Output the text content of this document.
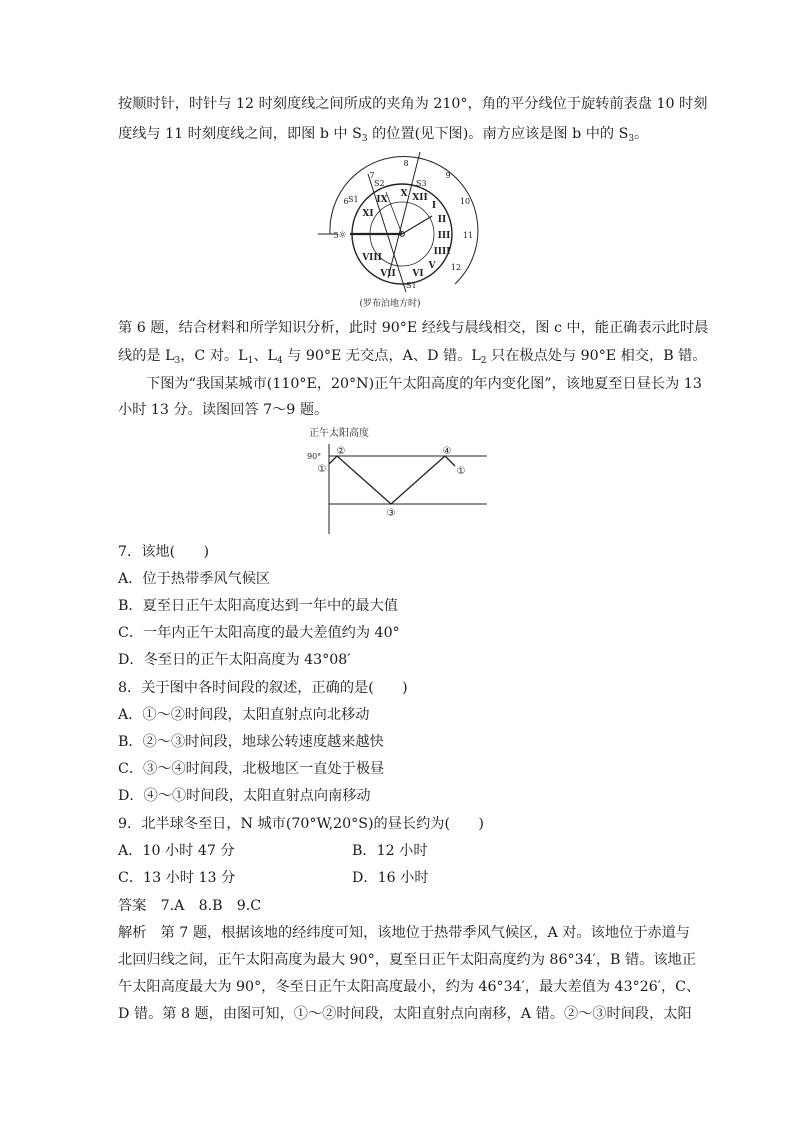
按顺时针，时针与 12 时刻度线之间所成的夹角为 210°，角的平分线位于旋转前表盘 10 时刻
度线与 11 时刻度线之间，即图 b 中 $S_3$ 的位置(见下图)。南方应该是图 b 中的 $S_3$。
XII
I
II
III
IIII
V
VI
VII
VIII
IX
X
XI
12
11
10
9
8
7
6
5
S1
S2	S3
S1
☼
(罗布泊地方时)
第 6 题，结合材料和所学知识分析，此时 90°E 经线与晨线相交，图 c 中，能正确表示此时晨
线的是 $L_3$，C 对。$L_1$、$L_4$ 与 90°E 无交点，A、D 错。$L_2$ 只在极点处与 90°E 相交，B 错。
下图为“我国某城市(110°E，20°N)正午太阳高度的年内变化图”，该地夏至日昼长为 13
小时 13 分。读图回答 7～9 题。
正午太阳高度
90°
①
②
③
④
①
7．该地(　　)
A．位于热带季风气候区
B．夏至日正午太阳高度达到一年中的最大值
C．一年内正午太阳高度的最大差值约为 40°
D．冬至日的正午太阳高度为 43°08′
8．关于图中各时间段的叙述，正确的是(　　)
A．①～②时间段，太阳直射点向北移动
B．②～③时间段，地球公转速度越来越快
C．③～④时间段，北极地区一直处于极昼
D．④～①时间段，太阳直射点向南移动
9．北半球冬至日，N 城市(70°W,20°S)的昼长约为(　　)
A．10 小时 47 分	B．12 小时
C．13 小时 13 分	D．16 小时
答案　 7.A　8.B　9.C
解析　 第 7 题，根据该地的经纬度可知，该地位于热带季风气候区，A 对。该地位于赤道与
北回归线之间，正午太阳高度为最大 90°，夏至日正午太阳高度约为 86°34′，B 错。该地正
午太阳高度最大为 90°，冬至日正午太阳高度最小，约为 46°34′，最大差值为 43°26′，C、
D 错。第 8 题，由图可知，①～②时间段，太阳直射点向南移，A 错。②～③时间段，太阳
